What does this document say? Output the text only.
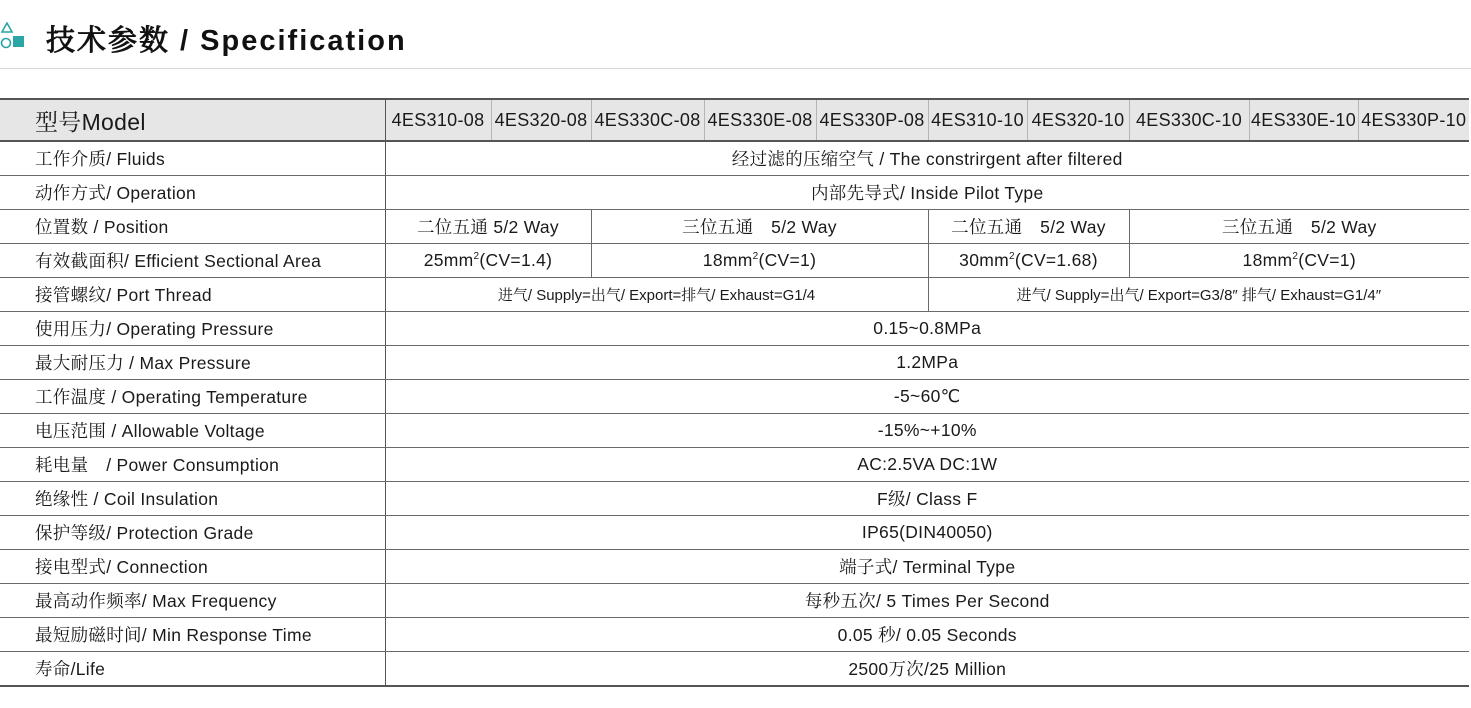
技术参数 / Specification
型号Model	4ES310-08	4ES320-08	4ES330C-08	4ES330E-08	4ES330P-08	4ES310-10	4ES320-10	4ES330C-10	4ES330E-10	4ES330P-10
工作介质/ Fluids	经过滤的压缩空气 / The constrirgent after filtered									
动作方式/ Operation	内部先导式/ Inside Pilot Type									
位置数 / Position	二位五通 5/2 Way		三位五通　5/2 Way			二位五通　5/2 Way		三位五通　5/2 Way		
有效截面积/ Efficient Sectional Area	$25mm^2(CV=1.4)$		$18mm^2(CV=1)$			$30mm^2(CV=1.68)$		$18mm^2(CV=1)$		
接管螺纹/ Port Thread	进气/ Supply=出气/ Export=排气/ Exhaust=G1/4					进气/ Supply=出气/ Export=G3/8″ 排气/ Exhaust=G1/4″				
使用压力/ Operating Pressure	0.15~0.8MPa									
最大耐压力 / Max Pressure	1.2MPa									
工作温度 / Operating Temperature	-5~60℃									
电压范围 / Allowable Voltage	-15%~+10%									
耗电量　/ Power Consumption	AC:2.5VA DC:1W									
绝缘性 / Coil Insulation	F级/ Class F									
保护等级/ Protection Grade	IP65(DIN40050)									
接电型式/ Connection	端子式/ Terminal Type									
最高动作频率/ Max Frequency	每秒五次/ 5 Times Per Second									
最短励磁时间/ Min Response Time	0.05 秒/ 0.05 Seconds									
寿命/Life	2500万次/25 Million									
